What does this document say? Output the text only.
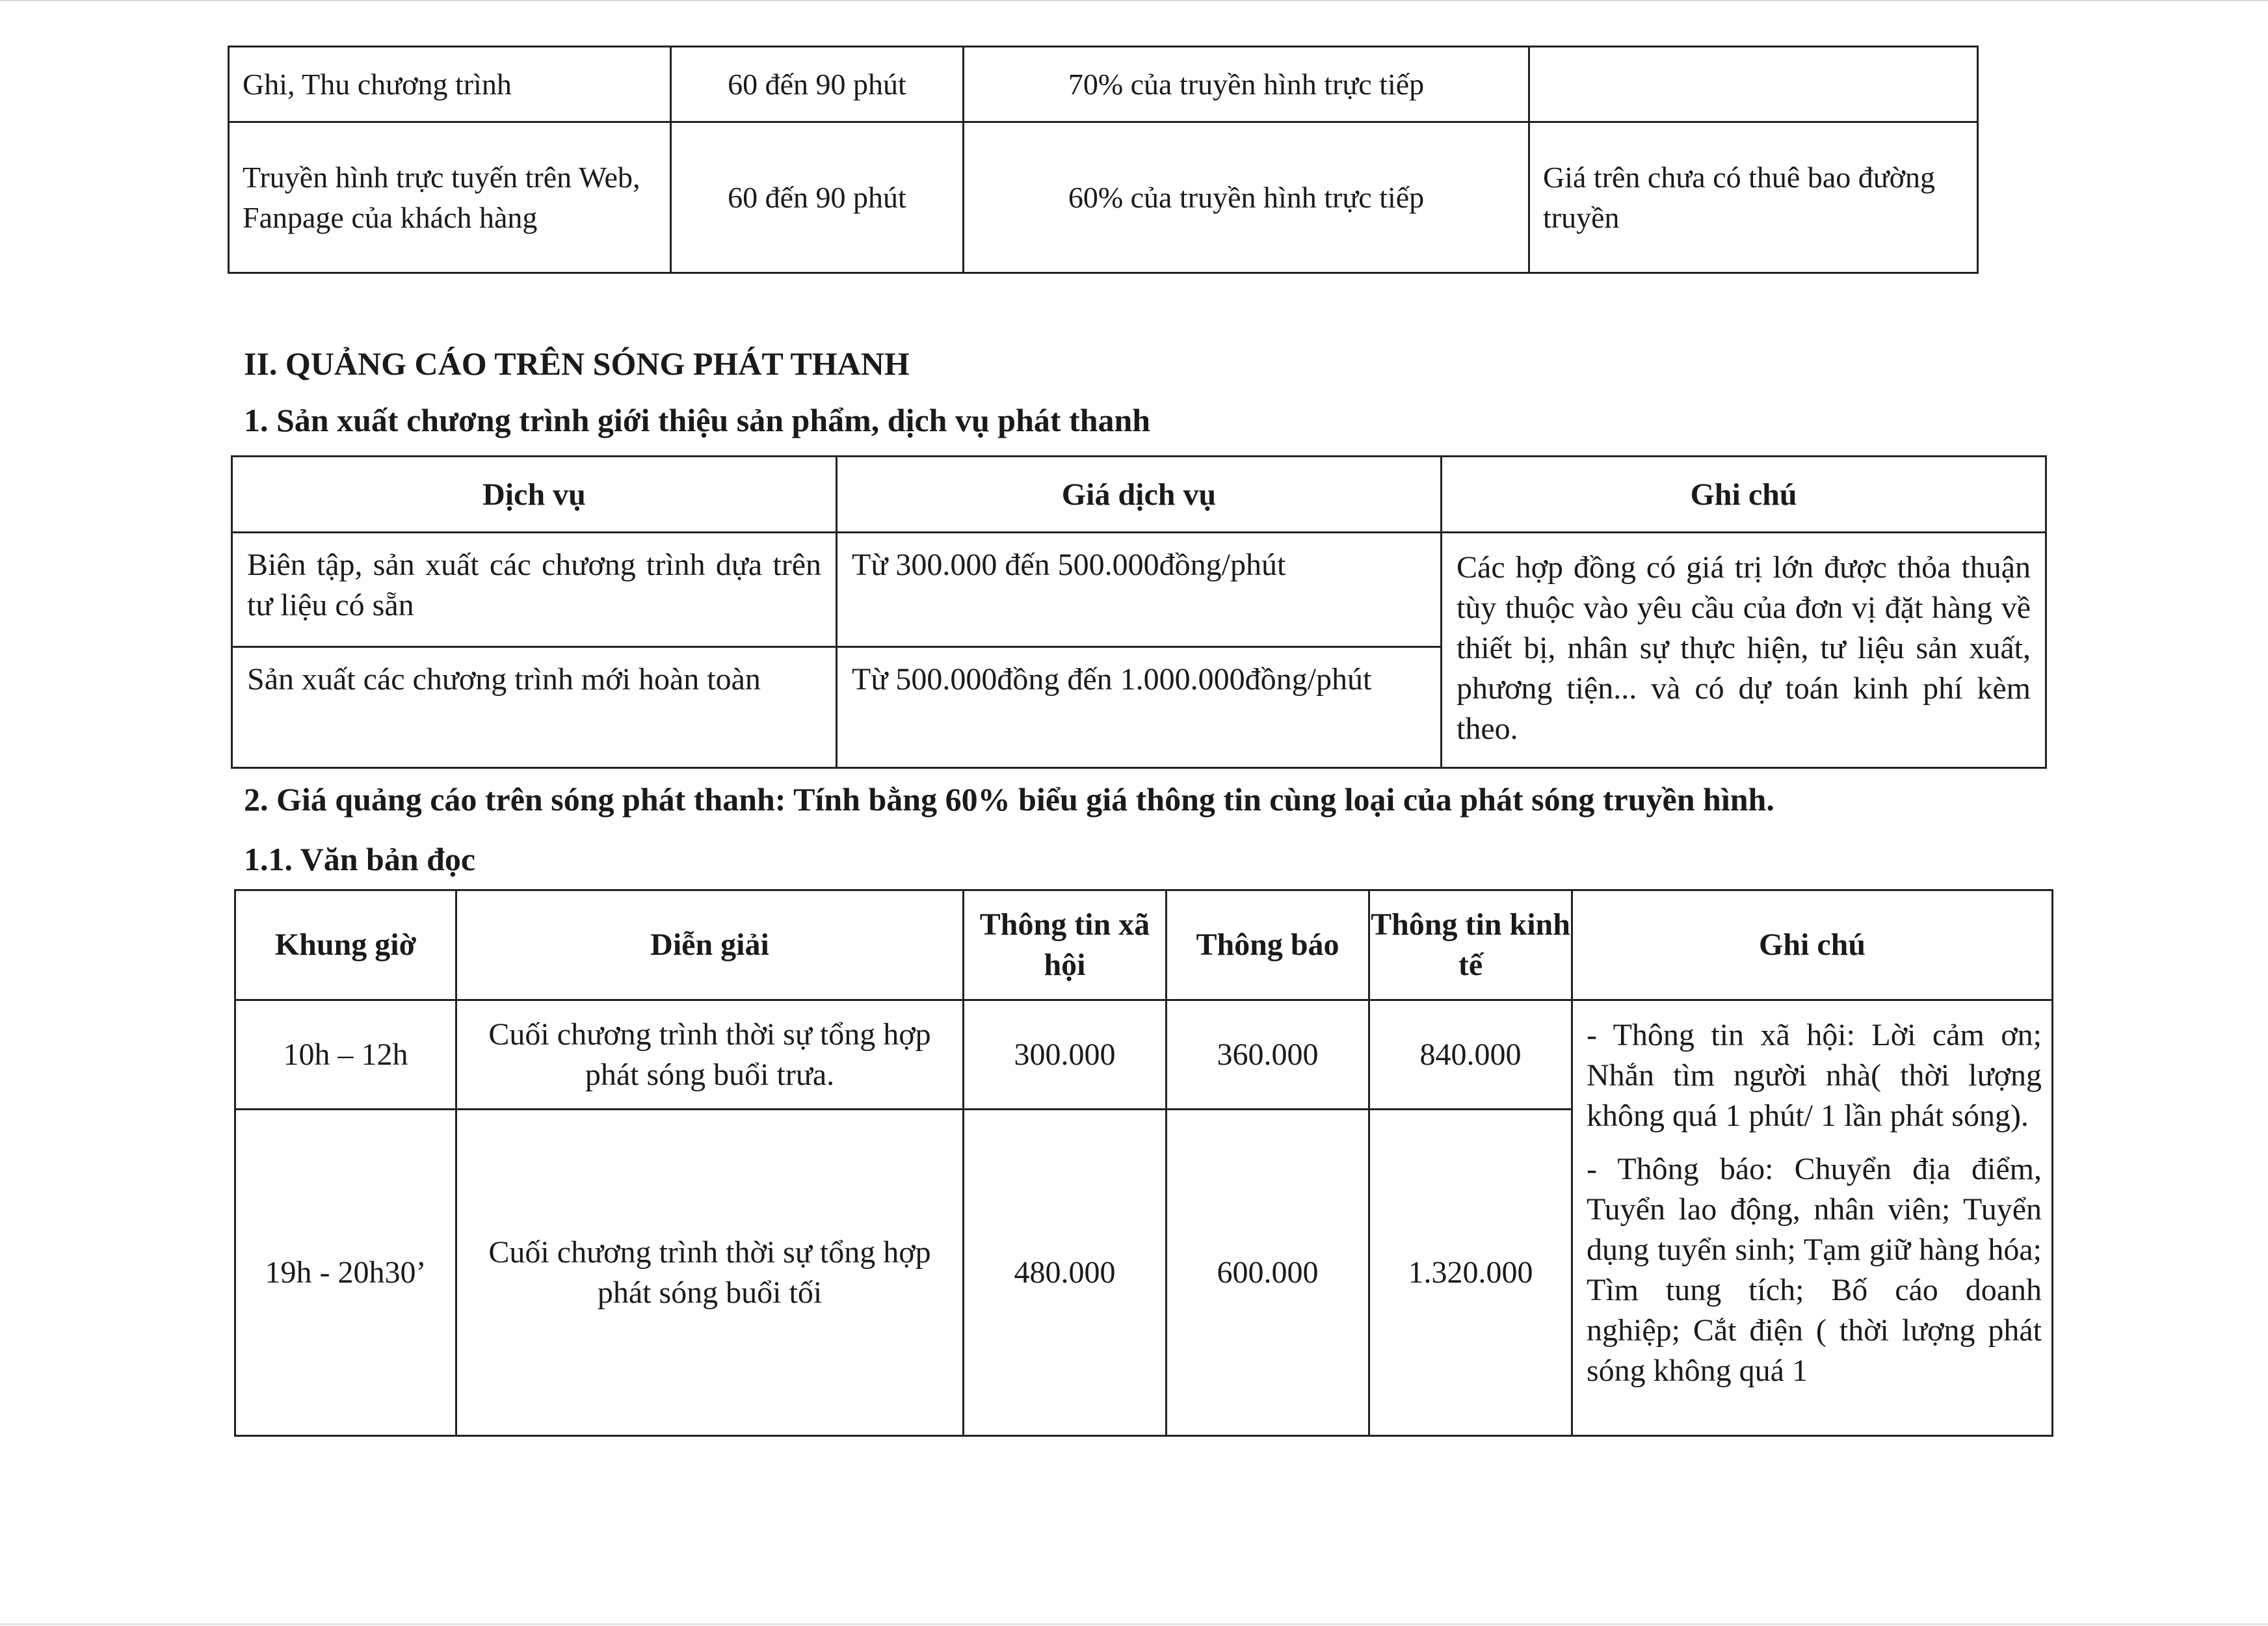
Ghi, Thu chương trình	60 đến 90 phút	70% của truyền hình trực tiếp	
Truyền hình trực tuyến trên Web, Fanpage của khách hàng	60 đến 90 phút	60% của truyền hình trực tiếp	Giá trên chưa có thuê bao đường truyền
II. QUẢNG CÁO TRÊN SÓNG PHÁT THANH
1. Sản xuất chương trình giới thiệu sản phẩm, dịch vụ phát thanh
Dịch vụ	Giá dịch vụ	Ghi chú
Biên tập, sản xuất các chương trình dựa trên tư liệu có sẵn	Từ 300.000 đến 500.000đồng/phút	Các hợp đồng có giá trị lớn được thỏa thuận tùy thuộc vào yêu cầu của đơn vị đặt hàng về thiết bị, nhân sự thực hiện, tư liệu sản xuất, phương tiện... và có dự toán kinh phí kèm theo.
Sản xuất các chương trình mới hoàn toàn	Từ 500.000đồng đến 1.000.000đồng/phút	
2. Giá quảng cáo trên sóng phát thanh: Tính bằng 60% biểu giá thông tin cùng loại của phát sóng truyền hình.
1.1. Văn bản đọc
Khung giờ	Diễn giải	Thông tin xã hội	Thông báo	Thông tin kinh tế	Ghi chú
10h – 12h	Cuối chương trình thời sự tổng hợp phát sóng buổi trưa.	300.000	360.000	840.000	- Thông tin xã hội: Lời cảm ơn; Nhắn tìm người nhà( thời lượng không quá 1 phút/ 1 lần phát sóng).

- Thông báo: Chuyển địa điểm, Tuyển lao động, nhân viên; Tuyển dụng tuyển sinh; Tạm giữ hàng hóa; Tìm tung tích; Bố cáo doanh nghiệp; Cắt điện ( thời lượng phát sóng không quá 1

19h - 20h30’	Cuối chương trình thời sự tổng hợp phát sóng buổi tối	480.000	600.000	1.320.000	
